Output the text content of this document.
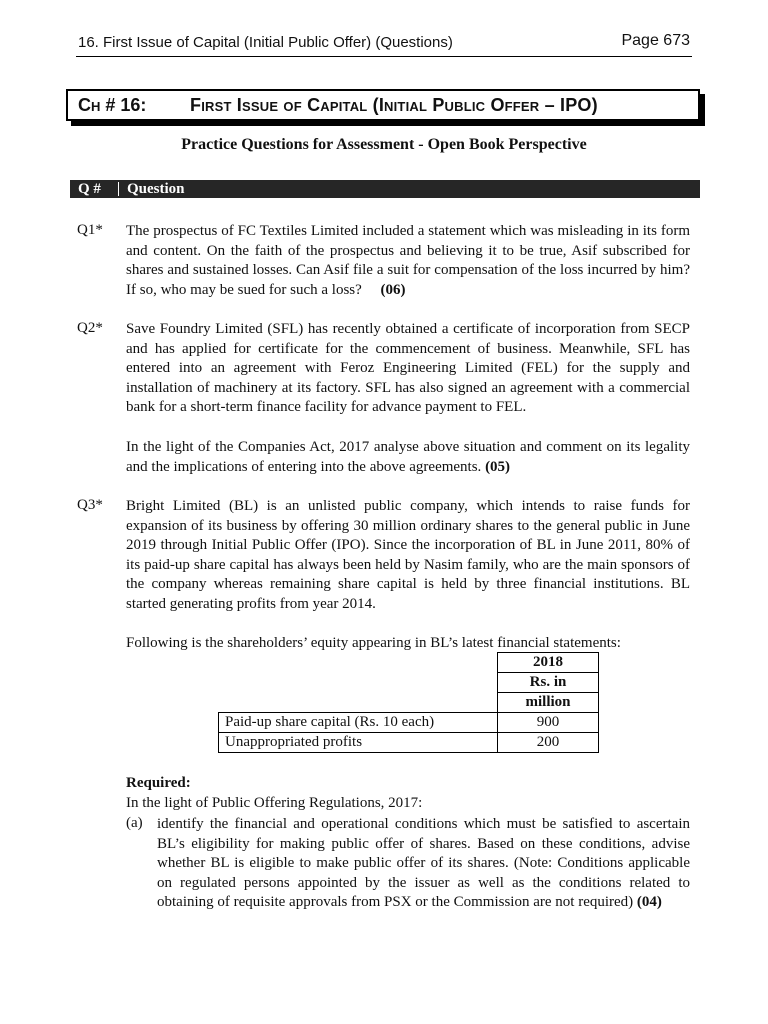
16. First Issue of Capital (Initial Public Offer) (Questions)	Page 673
Ch # 16: First Issue of Capital (Initial Public Offer – IPO)
Practice Questions for Assessment - Open Book Perspective
Q # Question
Q1* The prospectus of FC Textiles Limited included a statement which was misleading in its form and content. On the faith of the prospectus and believing it to be true, Asif subscribed for shares and sustained losses. Can Asif file a suit for compensation of the loss incurred by him? If so, who may be sued for such a loss? (06)
Q2* Save Foundry Limited (SFL) has recently obtained a certificate of incorporation from SECP and has applied for certificate for the commencement of business. Meanwhile, SFL has entered into an agreement with Feroz Engineering Limited (FEL) for the supply and installation of machinery at its factory. SFL has also signed an agreement with a commercial bank for a short-term finance facility for advance payment to FEL.
In the light of the Companies Act, 2017 analyse above situation and comment on its legality and the implications of entering into the above agreements. (05)
Q3* Bright Limited (BL) is an unlisted public company, which intends to raise funds for expansion of its business by offering 30 million ordinary shares to the general public in June 2019 through Initial Public Offer (IPO). Since the incorporation of BL in June 2011, 80% of its paid-up share capital has always been held by Nasim family, who are the main sponsors of the company whereas remaining share capital is held by three financial institutions. BL started generating profits from year 2014.
Following is the shareholders’ equity appearing in BL’s latest financial statements:
	2018
	Rs. in
	million
Paid-up share capital (Rs. 10 each)	900
Unappropriated profits	200
Required:
In the light of Public Offering Regulations, 2017:
(a) identify the financial and operational conditions which must be satisfied to ascertain BL’s eligibility for making public offer of shares. Based on these conditions, advise whether BL is eligible to make public offer of its shares. (Note: Conditions applicable on regulated persons appointed by the issuer as well as the conditions related to obtaining of requisite approvals from PSX or the Commission are not required) (04)
